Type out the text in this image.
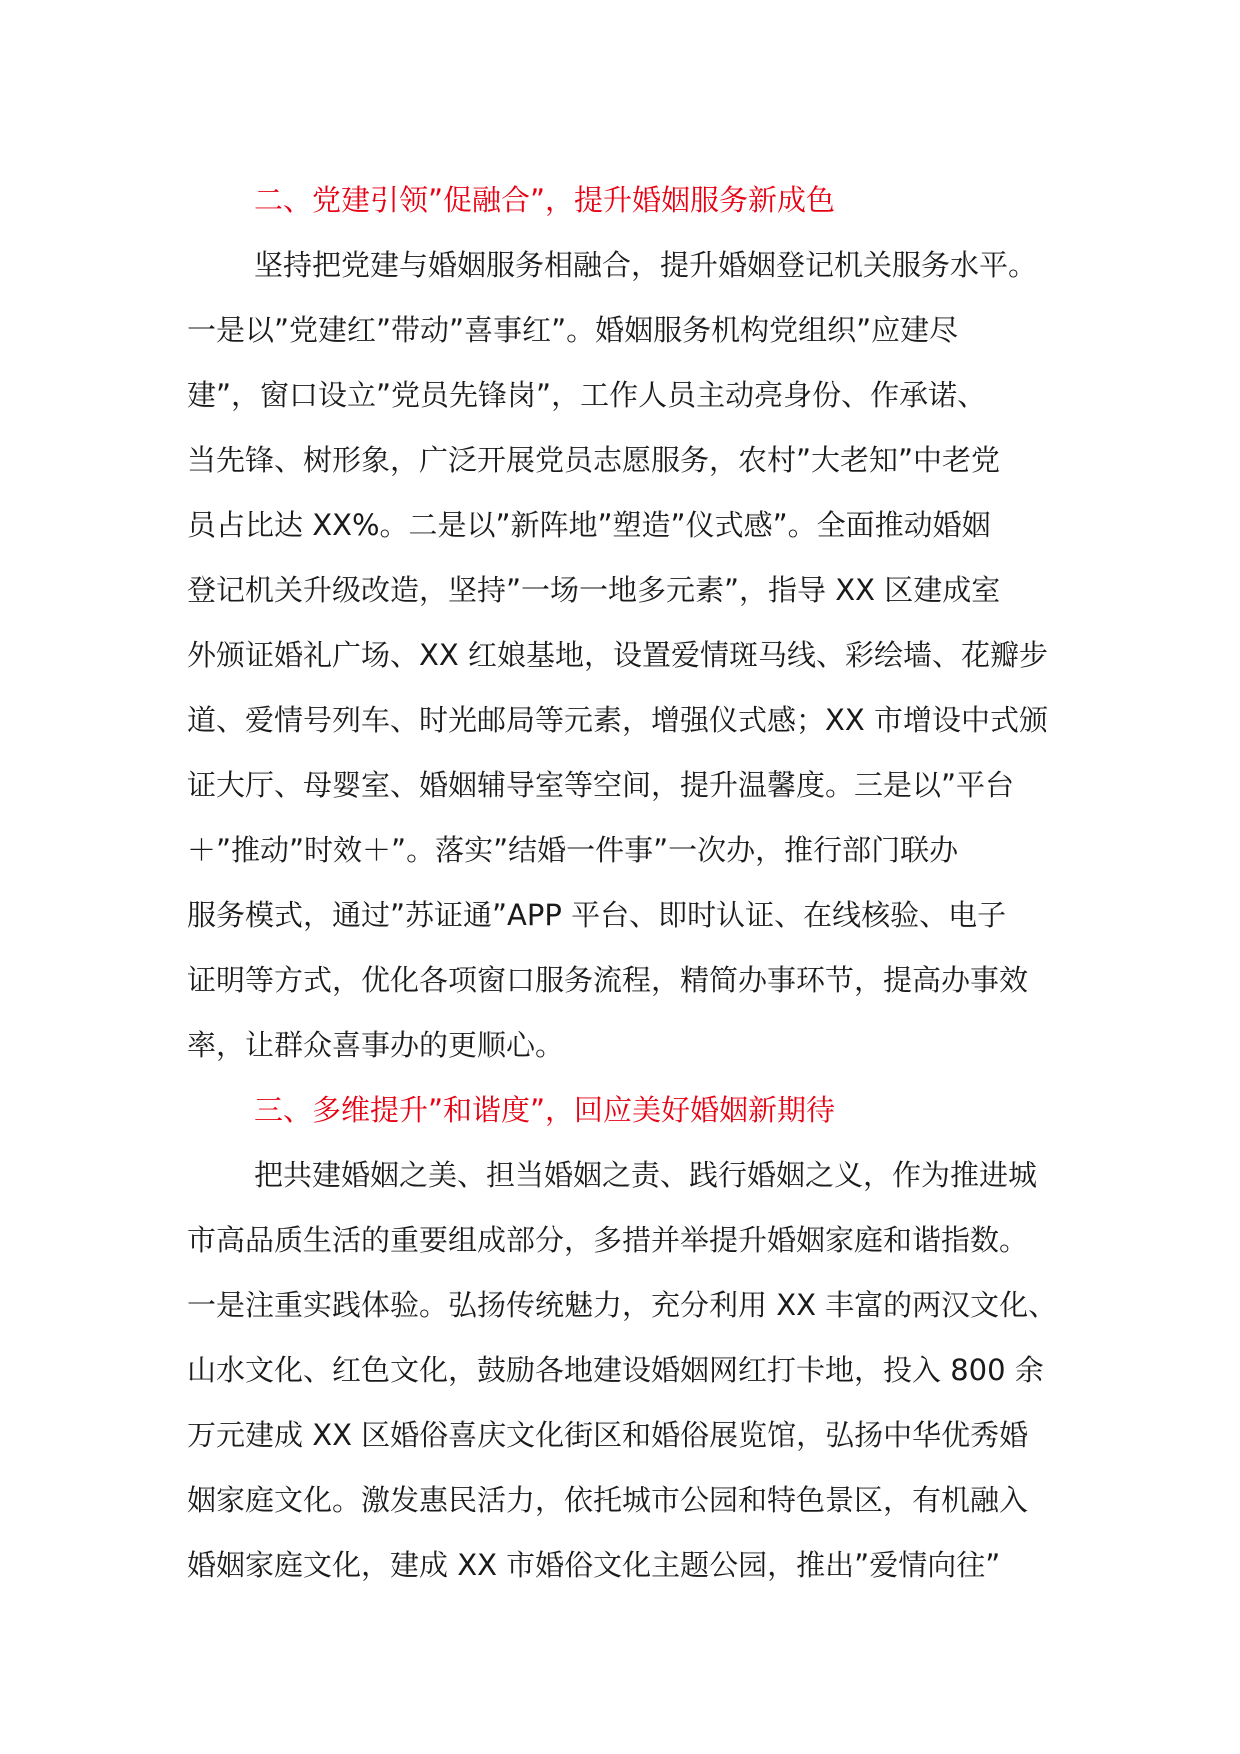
二、党建引领”促融合”，提升婚姻服务新成色
坚持把党建与婚姻服务相融合，提升婚姻登记机关服务水平。
一是以”党建红”带动”喜事红”。婚姻服务机构党组织”应建尽
建”，窗口设立”党员先锋岗”，工作人员主动亮身份、作承诺、
当先锋、树形象，广泛开展党员志愿服务，农村”大老知”中老党
员占比达 XX%。二是以”新阵地”塑造”仪式感”。全面推动婚姻
登记机关升级改造，坚持”一场一地多元素”，指导 XX 区建成室
外颁证婚礼广场、XX 红娘基地，设置爱情斑马线、彩绘墙、花瓣步
道、爱情号列车、时光邮局等元素，增强仪式感；XX 市增设中式颁
证大厅、母婴室、婚姻辅导室等空间，提升温馨度。三是以”平台
＋”推动”时效＋”。落实”结婚一件事”一次办，推行部门联办
服务模式，通过”苏证通”APP 平台、即时认证、在线核验、电子
证明等方式，优化各项窗口服务流程，精简办事环节，提高办事效
率，让群众喜事办的更顺心。
三、多维提升”和谐度”，回应美好婚姻新期待
把共建婚姻之美、担当婚姻之责、践行婚姻之义，作为推进城
市高品质生活的重要组成部分，多措并举提升婚姻家庭和谐指数。
一是注重实践体验。弘扬传统魅力，充分利用 XX 丰富的两汉文化、
山水文化、红色文化，鼓励各地建设婚姻网红打卡地，投入 800 余
万元建成 XX 区婚俗喜庆文化街区和婚俗展览馆，弘扬中华优秀婚
姻家庭文化。激发惠民活力，依托城市公园和特色景区，有机融入
婚姻家庭文化，建成 XX 市婚俗文化主题公园，推出”爱情向往”
